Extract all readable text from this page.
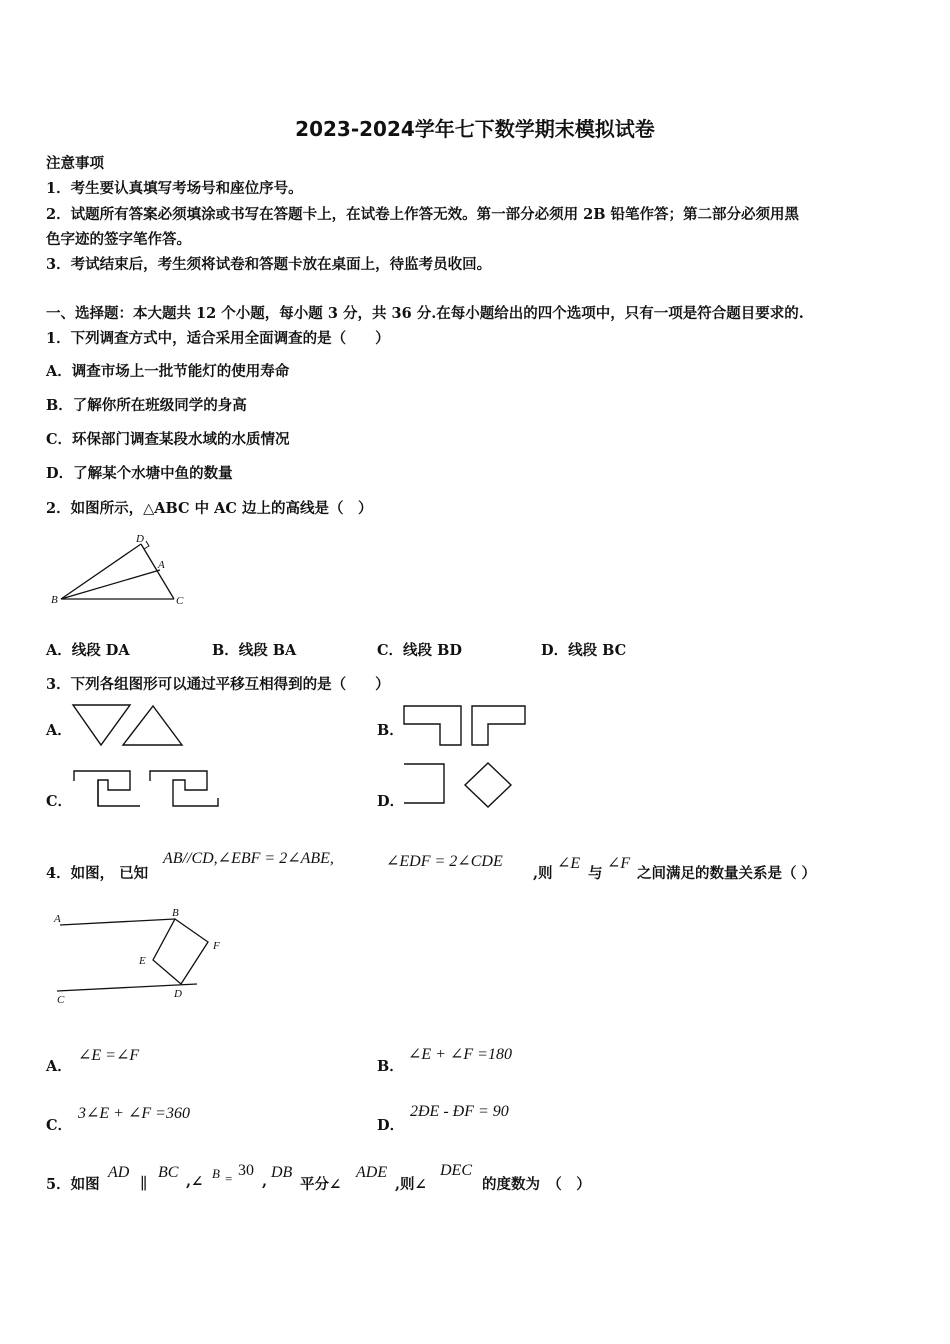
2023-2024学年七下数学期末模拟试卷
注意事项
1．考生要认真填写考场号和座位序号。
2．试题所有答案必须填涂或书写在答题卡上，在试卷上作答无效。第一部分必须用 2B 铅笔作答；第二部分必须用黑
色字迹的签字笔作答。
3．考试结束后，考生须将试卷和答题卡放在桌面上，待监考员收回。
一、选择题：本大题共 12 个小题，每小题 3 分，共 36 分.在每小题给出的四个选项中，只有一项是符合题目要求的.
1．下列调查方式中，适合采用全面调查的是（　　）
A．调查市场上一批节能灯的使用寿命
B．了解你所在班级同学的身高
C．环保部门调查某段水域的水质情况
D．了解某个水塘中鱼的数量
2．如图所示，△ABC 中 AC 边上的高线是（　）
D
A
B	C
A．线段 DA	B．线段 BA	C．线段 BD	D．线段 BC
3．下列各组图形可以通过平移互相得到的是（　　）
A．	B．
C．	D．
4．如图， 已知
AB//CD,∠EBF = 2∠ABE,	∠EDF = 2∠CDE
,则
∠E
与
∠F
之间满足的数量关系是（ ）
A	B
E
F
C	D
A．
∠E =∠F
B．
∠E + ∠F =180
C．
3∠E + ∠F =360
D．
2ÐE - ÐF = 90
5．如图
AD
∥
BC
,∠ B = 30
,
DB
平分∠
ADE
,则∠
DEC
的度数为　（　）
